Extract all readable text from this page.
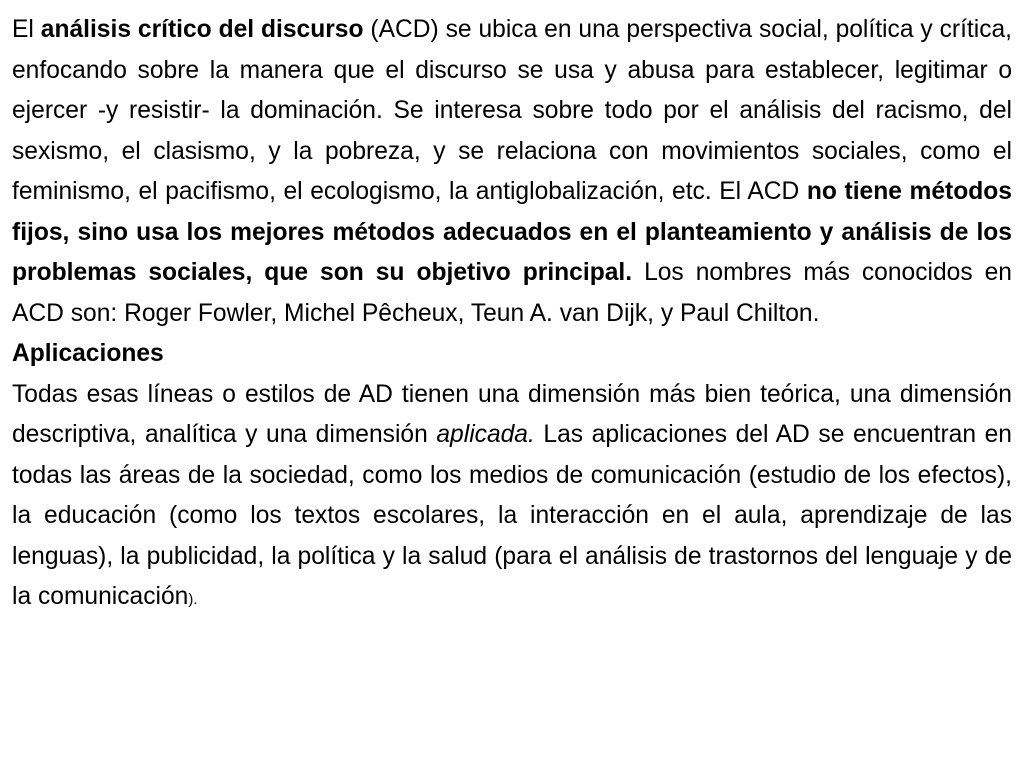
El análisis crítico del discurso (ACD) se ubica en una perspectiva social, política y crítica, enfocando sobre la manera que el discurso se usa y abusa para establecer, legitimar o ejercer -y resistir- la dominación. Se interesa sobre todo por el análisis del racismo, del sexismo, el clasismo, y la pobreza, y se relaciona con movimientos sociales, como el feminismo, el pacifismo, el ecologismo, la antiglobalización, etc. El ACD no tiene métodos fijos, sino usa los mejores métodos adecuados en el planteamiento y análisis de los problemas sociales, que son su objetivo principal. Los nombres más conocidos en ACD son: Roger Fowler, Michel Pêcheux, Teun A. van Dijk, y Paul Chilton.

Aplicaciones

Todas esas líneas o estilos de AD tienen una dimensión más bien teórica, una dimensión descriptiva, analítica y una dimensión aplicada. Las aplicaciones del AD se encuentran en todas las áreas de la sociedad, como los medios de comunicación (estudio de los efectos), la educación (como los textos escolares, la interacción en el aula, aprendizaje de las lenguas), la publicidad, la política y la salud (para el análisis de trastornos del lenguaje y de la comunicación).
